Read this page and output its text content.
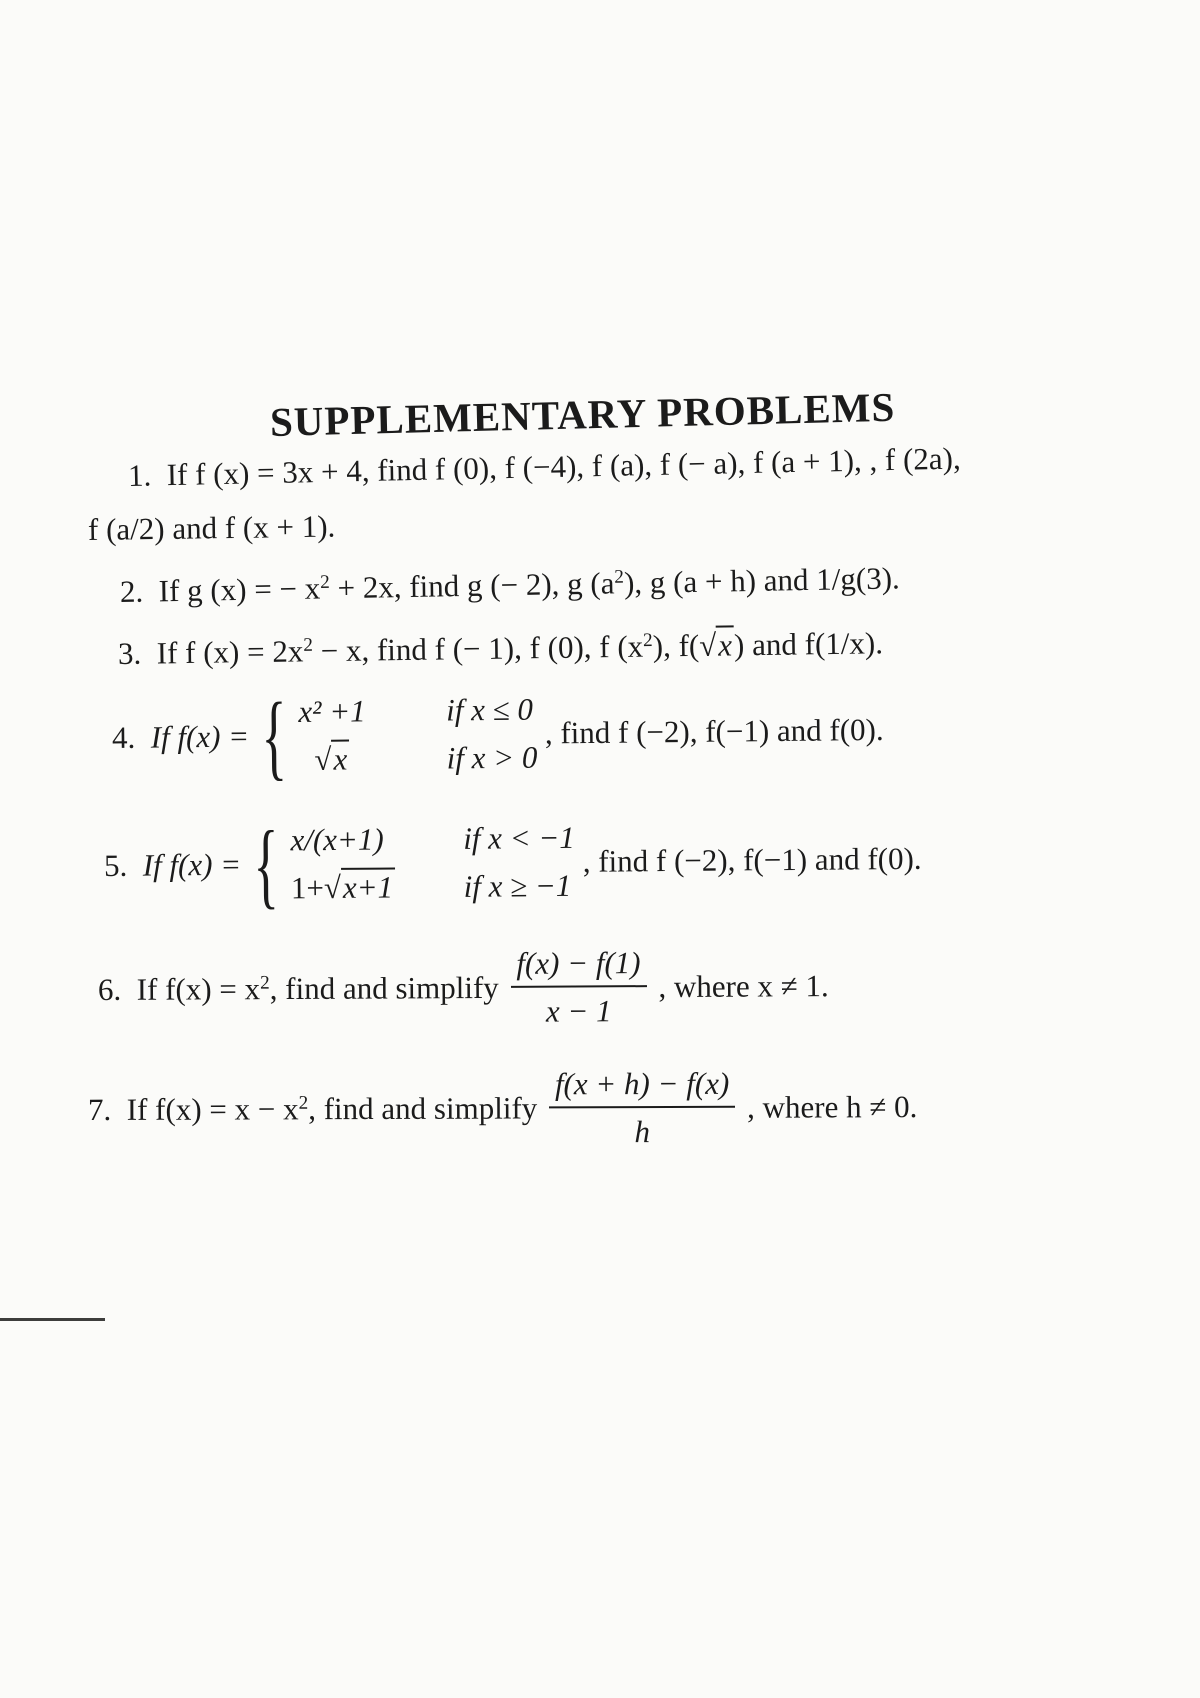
SUPPLEMENTARY PROBLEMS
1. If f (x) = 3x + 4, find f (0), f (−4), f (a), f (− a), f (a + 1), , f (2a),
f (a/2) and f (x + 1).
2. If g (x) = − $x^2 + 2x$, find g (− 2), g $(a^2)$, g (a + h) and 1/g(3).
3. If f $(x) = 2x^2 - x$, find f (− 1), f (0), f $(x^2)$, f(√x) and f(1/x).
4. If f(x) = { x² +1	if x ≤ 0
√x	if x > 0
, find f (−2), f(−1) and f(0).
5. If f(x) = { x/(x+1)	if x < −1
1+√x+1 if x ≥ −1
, find f (−2), f(−1) and f(0).
6. If $f(x) = x^2$, find and simplify $\frac{f(x) - f(1)}{x - 1}$ , where x ≠ 1.
7. If $f(x) = x - x^2$, find and simplify $\frac{f(x + h) - f(x)}{h}$ , where h ≠ 0.
